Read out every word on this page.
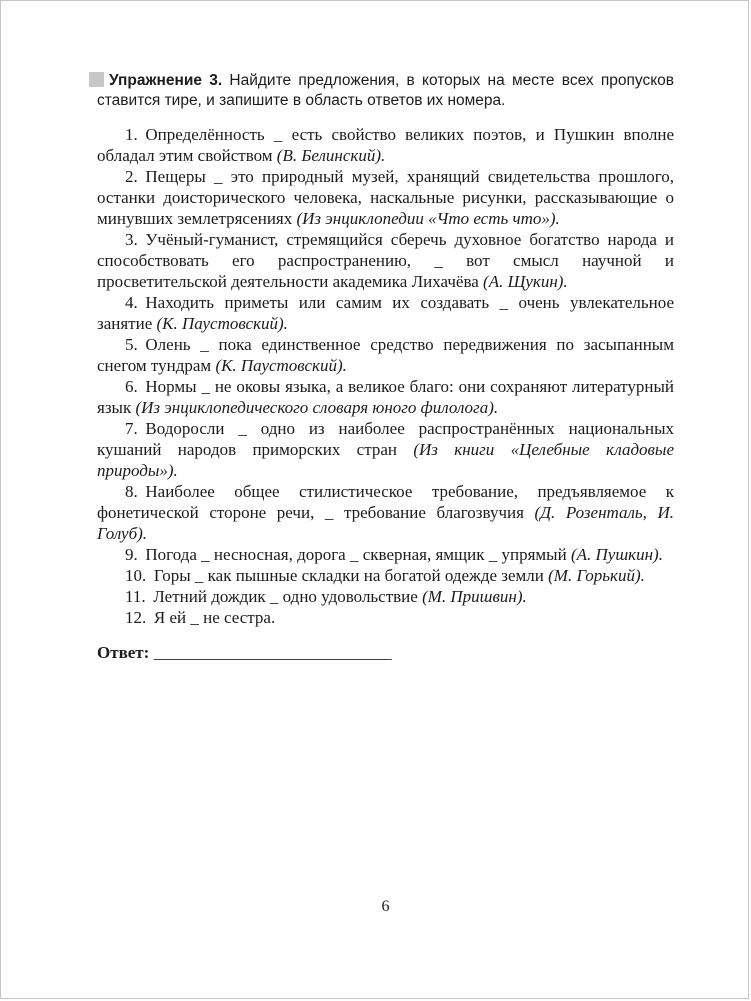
Упражнение 3. Найдите предложения, в которых на месте всех пропусков ставится тире, и запишите в область ответов их номера.

1. Определённость _ есть свойство великих поэтов, и Пушкин вполне обладал этим свойством (В. Белинский).

2. Пещеры _ это природный музей, хранящий свидетельства прошлого, останки доисторического человека, наскальные рисунки, рассказывающие о минувших землетрясениях (Из энциклопедии «Что есть что»).

3. Учёный-гуманист, стремящийся сберечь духовное богатство народа и способствовать его распространению, _ вот смысл научной и просветительской деятельности академика Лихачёва (А. Щукин).

4. Находить приметы или самим их создавать _ очень увлекательное занятие (К. Паустовский).

5. Олень _ пока единственное средство передвижения по засыпанным снегом тундрам (К. Паустовский).

6. Нормы _ не оковы языка, а великое благо: они сохраняют литературный язык (Из энциклопедического словаря юного филолога).

7. Водоросли _ одно из наиболее распространённых национальных кушаний народов приморских стран (Из книги «Целебные кладовые природы»).

8. Наиболее общее стилистическое требование, предъявляемое к фонетической стороне речи, _ требование благозвучия (Д. Розенталь, И. Голуб).

9. Погода _ несносная, дорога _ скверная, ямщик _ упрямый (А. Пушкин).

10. Горы _ как пышные складки на богатой одежде земли (М. Горький).

11. Летний дождик _ одно удовольствие (М. Пришвин).

12. Я ей _ не сестра.

Ответ: ____________________________

6
